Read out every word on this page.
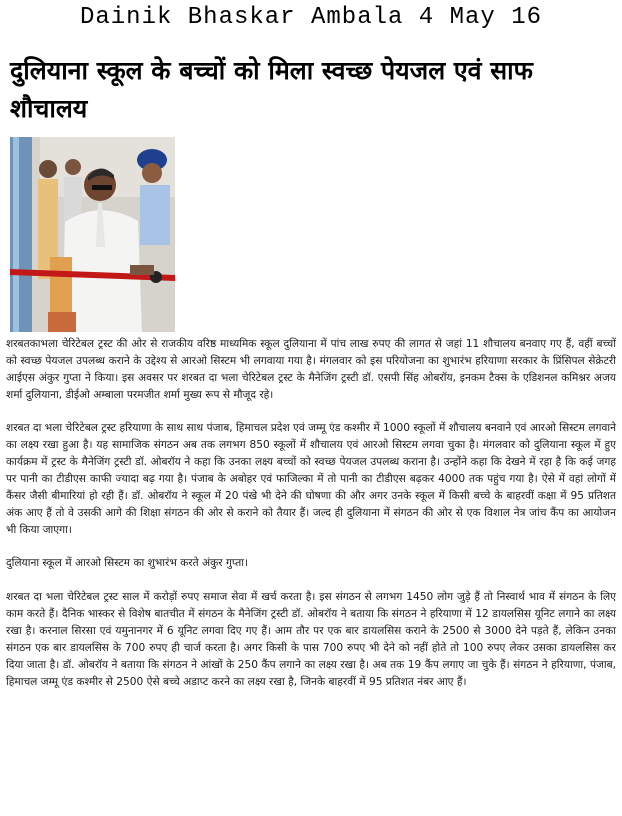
Dainik Bhaskar Ambala 4 May 16
दुलियाना स्कूल के बच्चों को मिला स्वच्छ पेयजल एवं साफ शौचालय

शरबतकाभला चेरिटेबल ट्रस्ट की ओर से राजकीय वरिष्ठ माध्यमिक स्कूल दुलियाना में पांच लाख रुपए की लागत से जहां 11 शौचालय बनवाए गए हैं, वहीं बच्चों को स्वच्छ पेयजल उपलब्ध कराने के उद्देश्य से आरओ सिस्टम भी लगवाया गया है। मंगलवार को इस परियोजना का शुभारंभ हरियाणा सरकार के प्रिंसिपल सेक्रेटरी आईएस अंकुर गुप्ता ने किया। इस अवसर पर शरबत दा भला चेरिटेबल ट्रस्ट के मैनेजिंग ट्रस्टी डॉ. एसपी सिंह ओबरॉय, इनकम टैक्स के एडिशनल कमिश्नर अजय शर्मा दुलियाना, डीईओ अम्बाला परमजीत शर्मा मुख्य रूप से मौजूद रहे।

शरबत दा भला चेरिटेबल ट्रस्ट हरियाणा के साथ साथ पंजाब, हिमाचल प्रदेश एवं जम्मू एंड कश्मीर में 1000 स्कूलों में शौचालय बनवाने एवं आरओ सिस्टम लगवाने का लक्ष्य रखा हुआ है। यह सामाजिक संगठन अब तक लगभग 850 स्कूलों में शौचालय एवं आरओ सिस्टम लगवा चुका है। मंगलवार को दुलियाना स्कूल में हुए कार्यक्रम में ट्रस्ट के मैनेजिंग ट्रस्टी डॉ. ओबरॉय ने कहा कि उनका लक्ष्य बच्चों को स्वच्छ पेयजल उपलब्ध कराना है। उन्होंने कहा कि देखने में रहा है कि कई जगह पर पानी का टीडीएस काफी ज्यादा बढ़ गया है। पंजाब के अबोहर एवं फाजिल्का में तो पानी का टीडीएस बढ़कर 4000 तक पहुंच गया है। ऐसे में वहां लोगों में कैंसर जैसी बीमारियां हो रही हैं। डॉ. ओबरॉय ने स्कूल में 20 पंखे भी देने की घोषणा की और अगर उनके स्कूल में किसी बच्चे के बाहरवीं कक्षा में 95 प्रतिशत अंक आए हैं तो वे उसकी आगे की शिक्षा संगठन की ओर से कराने को तैयार हैं। जल्द ही दुलियाना में संगठन की ओर से एक विशाल नेत्र जांच कैंप का आयोजन भी किया जाएगा।

दुलियाना स्कूल में आरओ सिस्टम का शुभारंभ करते अंकुर गुप्ता।

शरबत दा भला चेरिटेबल ट्रस्ट साल में करोड़ों रुपए समाज सेवा में खर्च करता है। इस संगठन से लगभग 1450 लोग जुड़े हैं तो निस्वार्थ भाव में संगठन के लिए काम करते हैं। दैनिक भास्कर से विशेष बातचीत में संगठन के मैनेजिंग ट्रस्टी डॉ. ओबरॉय ने बताया कि संगठन ने हरियाणा में 12 डायलसिस यूनिट लगाने का लक्ष्य रखा है। करनाल सिरसा एवं यमुनानगर में 6 यूनिट लगवा दिए गए हैं। आम तौर पर एक बार डायलसिस कराने के 2500 से 3000 देने पड़ते हैं, लेकिन उनका संगठन एक बार डायलसिस के 700 रुपए ही चार्ज करता है। अगर किसी के पास 700 रुपए भी देने को नहीं होते तो 100 रुपए लेकर उसका डायलसिस कर दिया जाता है। डॉ. ओबरॉय ने बताया कि संगठन ने आंखों के 250 कैंप लगाने का लक्ष्य रखा है। अब तक 19 कैंप लगाए जा चुके हैं। संगठन ने हरियाणा, पंजाब, हिमाचल जम्मू एंड कश्मीर से 2500 ऐसे बच्चे अडाप्ट करने का लक्ष्य रखा है, जिनके बाहरवीं में 95 प्रतिशत नंबर आए हैं।
